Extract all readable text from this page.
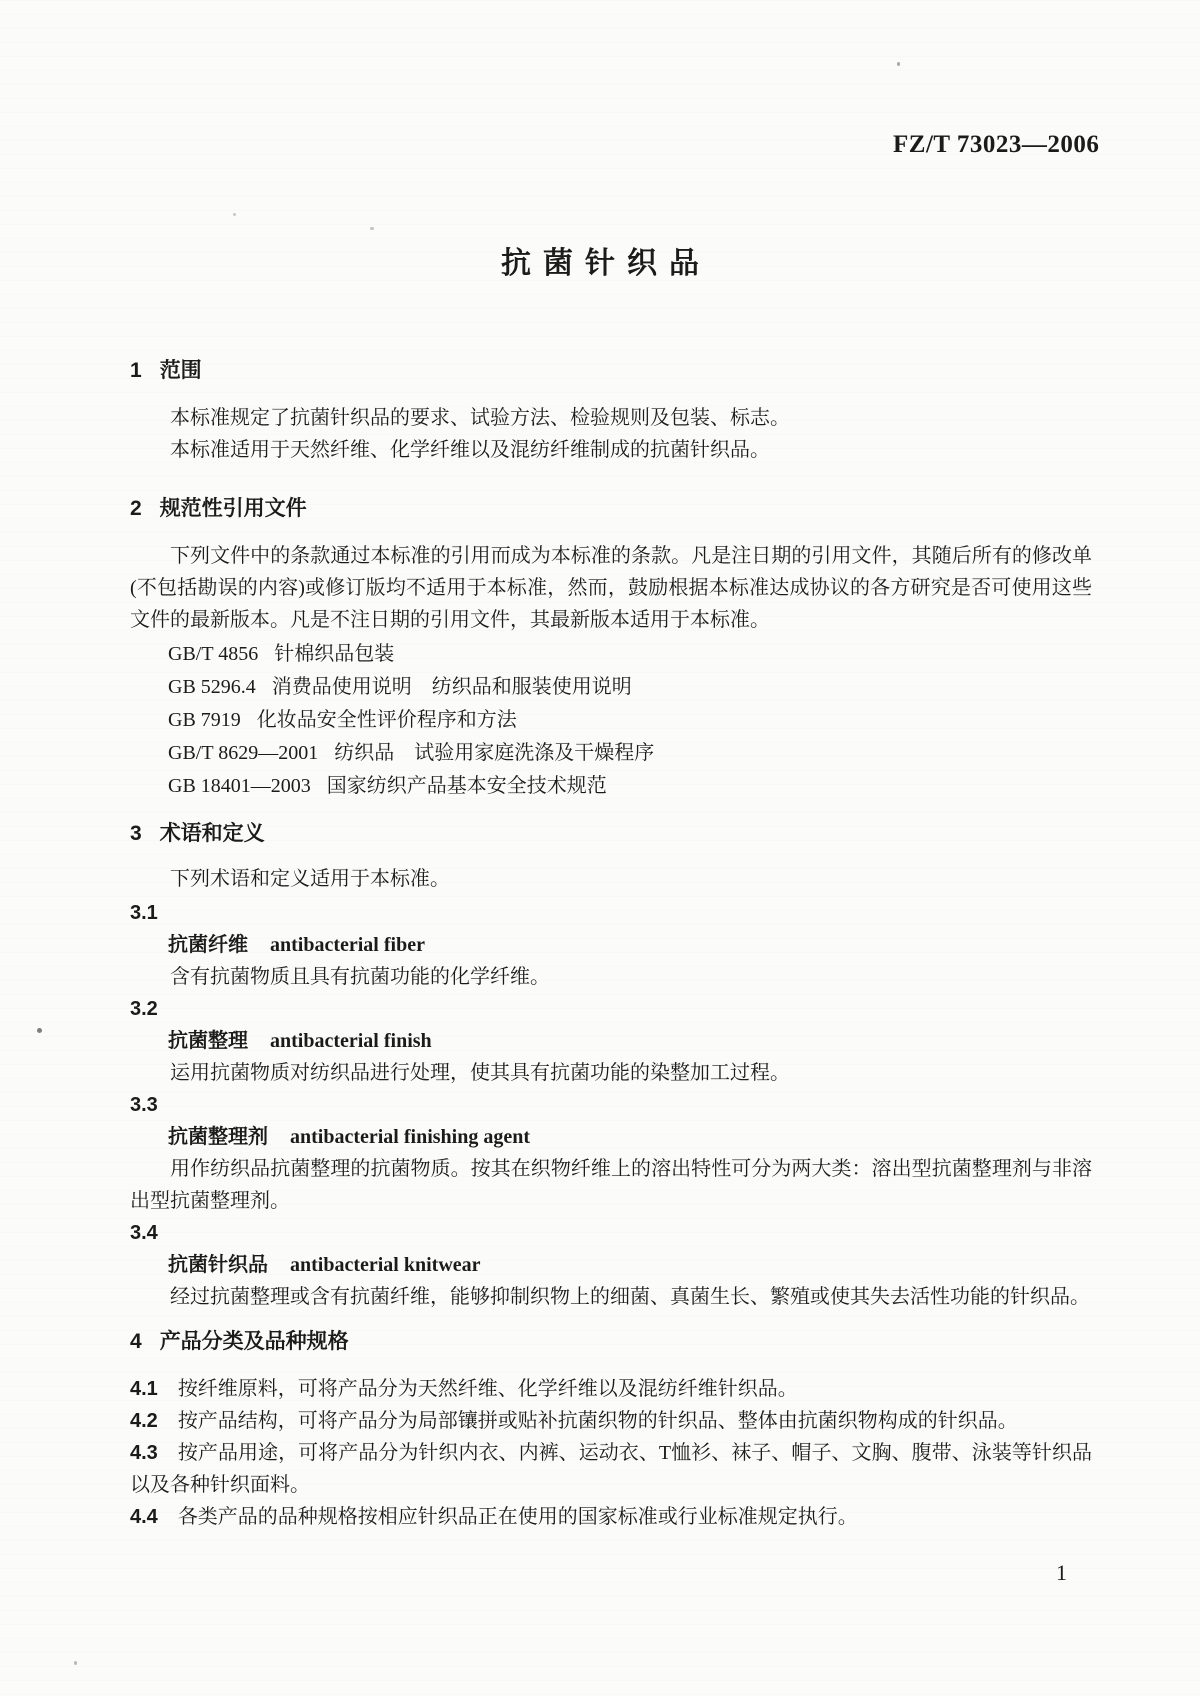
FZ/T 73023—2006
抗菌针织品
1 范围

本标准规定了抗菌针织品的要求、试验方法、检验规则及包装、标志。

本标准适用于天然纤维、化学纤维以及混纺纤维制成的抗菌针织品。

2 规范性引用文件

下列文件中的条款通过本标准的引用而成为本标准的条款。凡是注日期的引用文件，其随后所有的修改单(不包括勘误的内容)或修订版均不适用于本标准，然而，鼓励根据本标准达成协议的各方研究是否可使用这些文件的最新版本。凡是不注日期的引用文件，其最新版本适用于本标准。

GB/T 4856 针棉织品包装
GB 5296.4 消费品使用说明　纺织品和服装使用说明
GB 7919 化妆品安全性评价程序和方法
GB/T 8629—2001 纺织品　试验用家庭洗涤及干燥程序
GB 18401—2003 国家纺织产品基本安全技术规范
3 术语和定义

下列术语和定义适用于本标准。

3.1
抗菌纤维 antibacterial fiber

含有抗菌物质且具有抗菌功能的化学纤维。

3.2
抗菌整理 antibacterial finish

运用抗菌物质对纺织品进行处理，使其具有抗菌功能的染整加工过程。

3.3
抗菌整理剂 antibacterial finishing agent

用作纺织品抗菌整理的抗菌物质。按其在织物纤维上的溶出特性可分为两大类：溶出型抗菌整理剂与非溶出型抗菌整理剂。

3.4
抗菌针织品 antibacterial knitwear

经过抗菌整理或含有抗菌纤维，能够抑制织物上的细菌、真菌生长、繁殖或使其失去活性功能的针织品。

4 产品分类及品种规格

4.1 按纤维原料，可将产品分为天然纤维、化学纤维以及混纺纤维针织品。

4.2 按产品结构，可将产品分为局部镶拼或贴补抗菌织物的针织品、整体由抗菌织物构成的针织品。

4.3 按产品用途，可将产品分为针织内衣、内裤、运动衣、T恤衫、袜子、帽子、文胸、腹带、泳装等针织品以及各种针织面料。

4.4 各类产品的品种规格按相应针织品正在使用的国家标准或行业标准规定执行。

1
